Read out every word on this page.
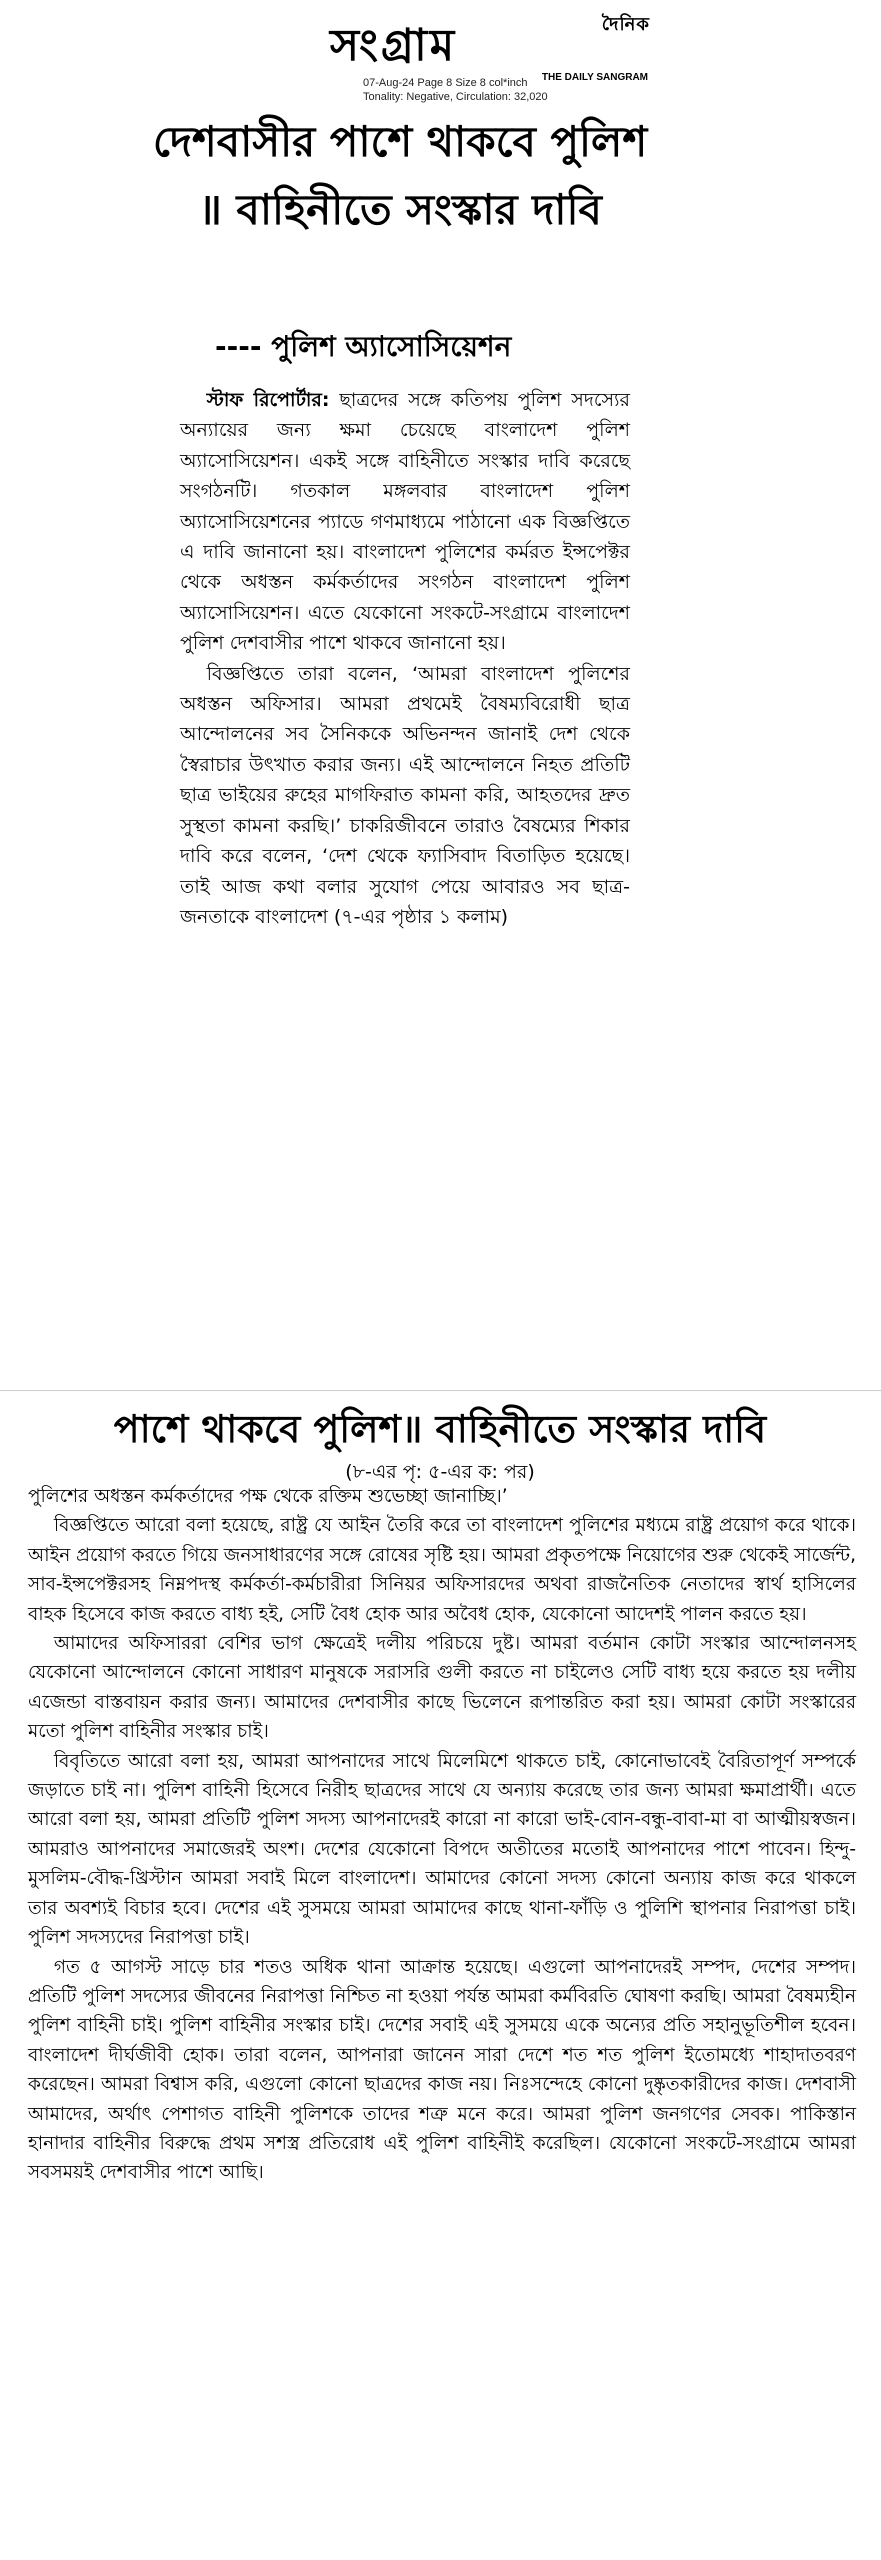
দৈনিক
সংগ্রাম
THE DAILY SANGRAM
07-Aug-24 Page 8 Size 8 col*inch
Tonality: Negative, Circulation: 32,020
দেশবাসীর পাশে থাকবে পুলিশ ॥ বাহিনীতে সংস্কার দাবি
---- পুলিশ অ্যাসোসিয়েশন

স্টাফ রিপোর্টার: ছাত্রদের সঙ্গে কতিপয় পুলিশ সদস্যের অন্যায়ের জন্য ক্ষমা চেয়েছে বাংলাদেশ পুলিশ অ্যাসোসিয়েশন। একই সঙ্গে বাহিনীতে সংস্কার দাবি করেছে সংগঠনটি। গতকাল মঙ্গলবার বাংলাদেশ পুলিশ অ্যাসোসিয়েশনের প্যাডে গণমাধ্যমে পাঠানো এক বিজ্ঞপ্তিতে এ দাবি জানানো হয়। বাংলাদেশ পুলিশের কর্মরত ইন্সপেক্টর থেকে অধস্তন কর্মকর্তাদের সংগঠন বাংলাদেশ পুলিশ অ্যাসোসিয়েশন। এতে যেকোনো সংকটে-সংগ্রামে বাংলাদেশ পুলিশ দেশবাসীর পাশে থাকবে জানানো হয়।

বিজ্ঞপ্তিতে তারা বলেন, ‘আমরা বাংলাদেশ পুলিশের অধস্তন অফিসার। আমরা প্রথমেই বৈষম্যবিরোধী ছাত্র আন্দোলনের সব সৈনিককে অভিনন্দন জানাই দেশ থেকে স্বৈরাচার উৎখাত করার জন্য। এই আন্দোলনে নিহত প্রতিটি ছাত্র ভাইয়ের রুহের মাগফিরাত কামনা করি, আহতদের দ্রুত সুস্থতা কামনা করছি।’ চাকরিজীবনে তারাও বৈষম্যের শিকার দাবি করে বলেন, ‘দেশ থেকে ফ্যাসিবাদ বিতাড়িত হয়েছে। তাই আজ কথা বলার সুযোগ পেয়ে আবারও সব ছাত্র-জনতাকে বাংলাদেশ (৭-এর পৃষ্ঠার ১ কলাম)

পাশে থাকবে পুলিশ॥ বাহিনীতে সংস্কার দাবি
(৮-এর পৃ: ৫-এর ক: পর)

পুলিশের অধস্তন কর্মকর্তাদের পক্ষ থেকে রক্তিম শুভেচ্ছা জানাচ্ছি।’

বিজ্ঞপ্তিতে আরো বলা হয়েছে, রাষ্ট্র যে আইন তৈরি করে তা বাংলাদেশ পুলিশের মধ্যমে রাষ্ট্র প্রয়োগ করে থাকে। আইন প্রয়োগ করতে গিয়ে জনসাধারণের সঙ্গে রোষের সৃষ্টি হয়। আমরা প্রকৃতপক্ষে নিয়োগের শুরু থেকেই সার্জেন্ট, সাব-ইন্সপেক্টরসহ নিম্নপদস্থ কর্মকর্তা-কর্মচারীরা সিনিয়র অফিসারদের অথবা রাজনৈতিক নেতাদের স্বার্থ হাসিলের বাহক হিসেবে কাজ করতে বাধ্য হই, সেটি বৈধ হোক আর অবৈধ হোক, যেকোনো আদেশই পালন করতে হয়।

আমাদের অফিসাররা বেশির ভাগ ক্ষেত্রেই দলীয় পরিচয়ে দুষ্ট। আমরা বর্তমান কোটা সংস্কার আন্দোলনসহ যেকোনো আন্দোলনে কোনো সাধারণ মানুষকে সরাসরি গুলী করতে না চাইলেও সেটি বাধ্য হয়ে করতে হয় দলীয় এজেন্ডা বাস্তবায়ন করার জন্য। আমাদের দেশবাসীর কাছে ভিলেনে রূপান্তরিত করা হয়। আমরা কোটা সংস্কারের মতো পুলিশ বাহিনীর সংস্কার চাই।

বিবৃতিতে আরো বলা হয়, আমরা আপনাদের সাথে মিলেমিশে থাকতে চাই, কোনোভাবেই বৈরিতাপূর্ণ সম্পর্কে জড়াতে চাই না। পুলিশ বাহিনী হিসেবে নিরীহ ছাত্রদের সাথে যে অন্যায় করেছে তার জন্য আমরা ক্ষমাপ্রার্থী। এতে আরো বলা হয়, আমরা প্রতিটি পুলিশ সদস্য আপনাদেরই কারো না কারো ভাই-বোন-বন্ধু-বাবা-মা বা আত্মীয়স্বজন। আমরাও আপনাদের সমাজেরই অংশ। দেশের যেকোনো বিপদে অতীতের মতোই আপনাদের পাশে পাবেন। হিন্দু-মুসলিম-বৌদ্ধ-খ্রিস্টান আমরা সবাই মিলে বাংলাদেশ। আমাদের কোনো সদস্য কোনো অন্যায় কাজ করে থাকলে তার অবশ্যই বিচার হবে। দেশের এই সুসময়ে আমরা আমাদের কাছে থানা-ফাঁড়ি ও পুলিশি স্থাপনার নিরাপত্তা চাই। পুলিশ সদস্যদের নিরাপত্তা চাই।

গত ৫ আগস্ট সাড়ে চার শতও অধিক থানা আক্রান্ত হয়েছে। এগুলো আপনাদেরই সম্পদ, দেশের সম্পদ। প্রতিটি পুলিশ সদস্যের জীবনের নিরাপত্তা নিশ্চিত না হওয়া পর্যন্ত আমরা কর্মবিরতি ঘোষণা করছি। আমরা বৈষম্যহীন পুলিশ বাহিনী চাই। পুলিশ বাহিনীর সংস্কার চাই। দেশের সবাই এই সুসময়ে একে অন্যের প্রতি সহানুভূতিশীল হবেন। বাংলাদেশ দীর্ঘজীবী হোক। তারা বলেন, আপনারা জানেন সারা দেশে শত শত পুলিশ ইতোমধ্যে শাহাদাতবরণ করেছেন। আমরা বিশ্বাস করি, এগুলো কোনো ছাত্রদের কাজ নয়। নিঃসন্দেহে কোনো দুষ্কৃতকারীদের কাজ। দেশবাসী আমাদের, অর্থাৎ পেশাগত বাহিনী পুলিশকে তাদের শত্রু মনে করে। আমরা পুলিশ জনগণের সেবক। পাকিস্তান হানাদার বাহিনীর বিরুদ্ধে প্রথম সশস্ত্র প্রতিরোধ এই পুলিশ বাহিনীই করেছিল। যেকোনো সংকটে-সংগ্রামে আমরা সবসময়ই দেশবাসীর পাশে আছি।
